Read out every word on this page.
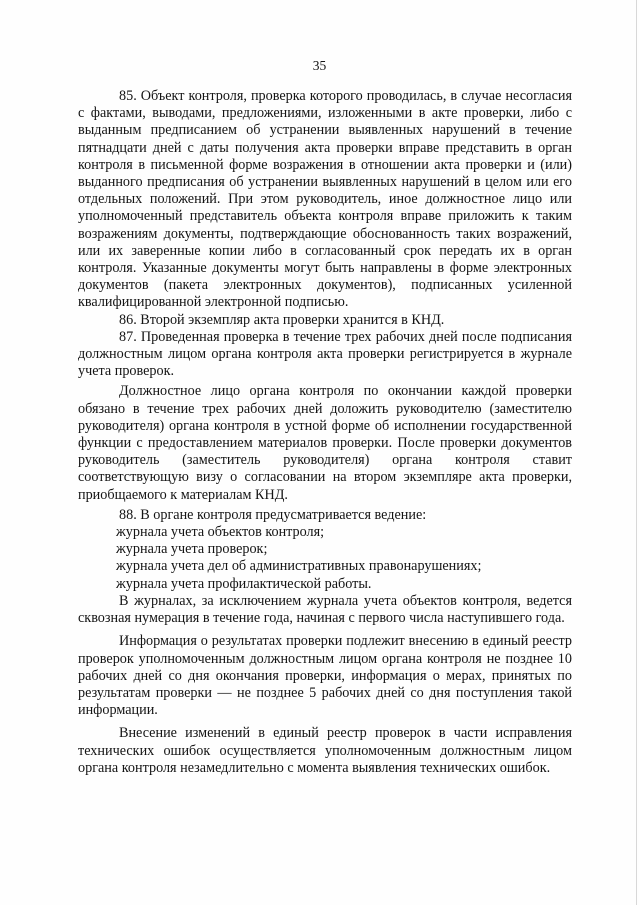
35

85. Объект контроля, проверка которого проводилась, в случае несогласия с фактами, выводами, предложениями, изложенными в акте проверки, либо с выданным предписанием об устранении выявленных нарушений в течение пятнадцати дней с даты получения акта проверки вправе представить в орган контроля в письменной форме возражения в отношении акта проверки и (или) выданного предписания об устранении выявленных нарушений в целом или его отдельных положений. При этом руководитель, иное должностное лицо или уполномоченный представитель объекта контроля вправе приложить к таким возражениям документы, подтверждающие обоснованность таких возражений, или их заверенные копии либо в согласованный срок передать их в орган контроля. Указанные документы могут быть направлены в форме электронных документов (пакета электронных документов), подписанных усиленной квалифицированной электронной подписью.

86. Второй экземпляр акта проверки хранится в КНД.

87. Проведенная проверка в течение трех рабочих дней после подписания должностным лицом органа контроля акта проверки регистрируется в журнале учета проверок.

Должностное лицо органа контроля по окончании каждой проверки обязано в течение трех рабочих дней доложить руководителю (заместителю руководителя) органа контроля в устной форме об исполнении государственной функции с предоставлением материалов проверки. После проверки документов руководитель (заместитель руководителя) органа контроля ставит соответствующую визу о согласовании на втором экземпляре акта проверки, приобщаемого к материалам КНД.

88. В органе контроля предусматривается ведение:

журнала учета объектов контроля;

журнала учета проверок;

журнала учета дел об административных правонарушениях;

журнала учета профилактической работы.

В журналах, за исключением журнала учета объектов контроля, ведется сквозная нумерация в течение года, начиная с первого числа наступившего года.

Информация о результатах проверки подлежит внесению в единый реестр проверок уполномоченным должностным лицом органа контроля не позднее 10 рабочих дней со дня окончания проверки, информация о мерах, принятых по результатам проверки — не позднее 5 рабочих дней со дня поступления такой информации.

Внесение изменений в единый реестр проверок в части исправления технических ошибок осуществляется уполномоченным должностным лицом органа контроля незамедлительно с момента выявления технических ошибок.
